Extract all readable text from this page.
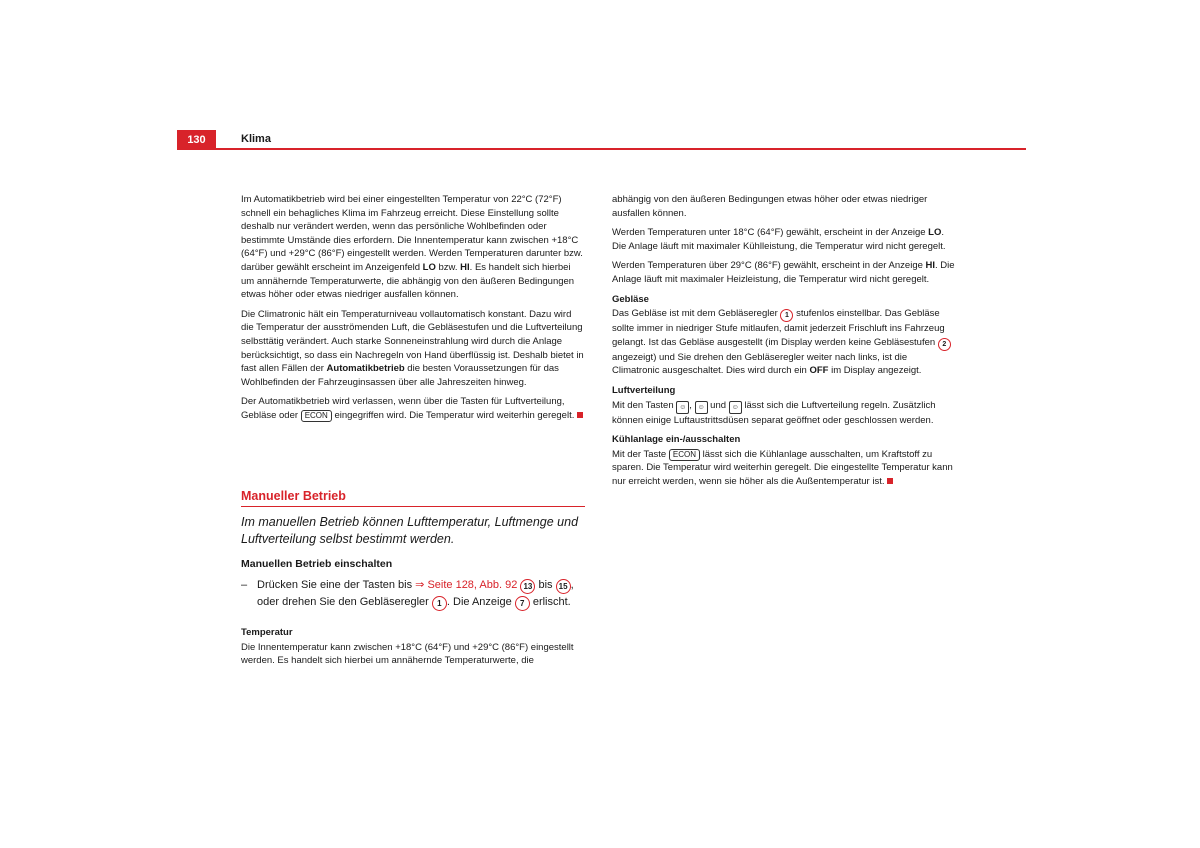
130	Klima

Im Automatikbetrieb wird bei einer eingestellten Temperatur von 22°C (72°F) schnell ein behagliches Klima im Fahrzeug erreicht. Diese Einstellung sollte deshalb nur verändert werden, wenn das persönliche Wohlbefinden oder bestimmte Umstände dies erfordern. Die Innentemperatur kann zwischen +18°C (64°F) und +29°C (86°F) eingestellt werden. Werden Temperaturen darunter bzw. darüber gewählt erscheint im Anzeigenfeld LO bzw. HI. Es handelt sich hierbei um annähernde Temperaturwerte, die abhängig von den äußeren Bedingungen etwas höher oder etwas niedriger ausfallen können.

Die Climatronic hält ein Temperaturniveau vollautomatisch konstant. Dazu wird die Temperatur der ausströmenden Luft, die Gebläsestufen und die Luftverteilung selbsttätig verändert. Auch starke Sonneneinstrahlung wird durch die Anlage berücksichtigt, so dass ein Nachregeln von Hand überflüssig ist. Deshalb bietet in fast allen Fällen der Automatikbetrieb die besten Voraussetzungen für das Wohlbefinden der Fahrzeuginsassen über alle Jahreszeiten hinweg.

Der Automatikbetrieb wird verlassen, wenn über die Tasten für Luftverteilung, Gebläse oder ECON eingegriffen wird. Die Temperatur wird weiterhin geregelt.

Manueller Betrieb
Im manuellen Betrieb können Lufttemperatur, Luftmenge und Luftverteilung selbst bestimmt werden.
Manuellen Betrieb einschalten
– Drücken Sie eine der Tasten bis ⇒ Seite 128, Abb. 92 13 bis 15 , oder drehen Sie den Gebläseregler 1 . Die Anzeige 7 erlischt.
Temperatur
Die Innentemperatur kann zwischen +18°C (64°F) und +29°C (86°F) eingestellt werden. Es handelt sich hierbei um annähernde Temperaturwerte, die

abhängig von den äußeren Bedingungen etwas höher oder etwas niedriger ausfallen können.

Werden Temperaturen unter 18°C (64°F) gewählt, erscheint in der Anzeige LO. Die Anlage läuft mit maximaler Kühlleistung, die Temperatur wird nicht geregelt.

Werden Temperaturen über 29°C (86°F) gewählt, erscheint in der Anzeige HI. Die Anlage läuft mit maximaler Heizleistung, die Temperatur wird nicht geregelt.

Gebläse

Das Gebläse ist mit dem Gebläseregler 1 stufenlos einstellbar. Das Gebläse sollte immer in niedriger Stufe mitlaufen, damit jederzeit Frischluft ins Fahrzeug gelangt. Ist das Gebläse ausgestellt (im Display werden keine Gebläsestufen 2 angezeigt) und Sie drehen den Gebläseregler weiter nach links, ist die Climatronic ausgeschaltet. Dies wird durch ein OFF im Display angezeigt.

Luftverteilung

Mit den Tasten ☺ , ☺ und ☺ lässt sich die Luftverteilung regeln. Zusätzlich können einige Luftaustrittsdüsen separat geöffnet oder geschlossen werden.

Kühlanlage ein-/ausschalten

Mit der Taste ECON lässt sich die Kühlanlage ausschalten, um Kraftstoff zu sparen. Die Temperatur wird weiterhin geregelt. Die eingestellte Temperatur kann nur erreicht werden, wenn sie höher als die Außentemperatur ist.
